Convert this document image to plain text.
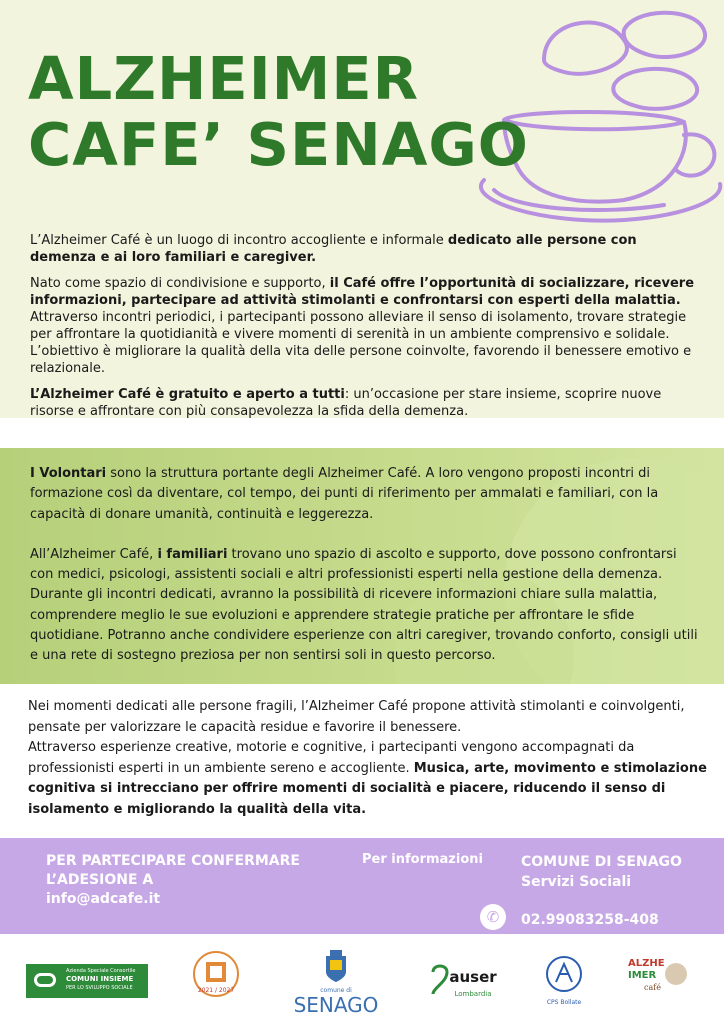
ALZHEIMER
CAFE’ SENAGO

L’Alzheimer Café è un luogo di incontro accogliente e informale dedicato alle persone con demenza e ai loro familiari e caregiver.

Nato come spazio di condivisione e supporto, il Café offre l’opportunità di socializzare, ricevere informazioni, partecipare ad attività stimolanti e confrontarsi con esperti della malattia. Attraverso incontri periodici, i partecipanti possono alleviare il senso di isolamento, trovare strategie per affrontare la quotidianità e vivere momenti di serenità in un ambiente comprensivo e solidale. L’obiettivo è migliorare la qualità della vita delle persone coinvolte, favorendo il benessere emotivo e relazionale.

L’Alzheimer Café è gratuito e aperto a tutti: un’occasione per stare insieme, scoprire nuove risorse e affrontare con più consapevolezza la sfida della demenza.

I Volontari sono la struttura portante degli Alzheimer Café. A loro vengono proposti incontri di formazione così da diventare, col tempo, dei punti di riferimento per ammalati e familiari, con la capacità di donare umanità, continuità e leggerezza.

All’Alzheimer Café, i familiari trovano uno spazio di ascolto e supporto, dove possono confrontarsi con medici, psicologi, assistenti sociali e altri professionisti esperti nella gestione della demenza. Durante gli incontri dedicati, avranno la possibilità di ricevere informazioni chiare sulla malattia, comprendere meglio le sue evoluzioni e apprendere strategie pratiche per affrontare le sfide quotidiane. Potranno anche condividere esperienze con altri caregiver, trovando conforto, consigli utili e una rete di sostegno preziosa per non sentirsi soli in questo percorso.

Nei momenti dedicati alle persone fragili, l’Alzheimer Café propone attività stimolanti e coinvolgenti, pensate per valorizzare le capacità residue e favorire il benessere.

Attraverso esperienze creative, motorie e cognitive, i partecipanti vengono accompagnati da professionisti esperti in un ambiente sereno e accogliente. Musica, arte, movimento e stimolazione cognitiva si intrecciano per offrire momenti di socialità e piacere, riducendo il senso di isolamento e migliorando la qualità della vita.

PER PARTECIPARE CONFERMARE
L’ADESIONE A
info@adcafe.it
Per informazioni	COMUNE DI SENAGO
Servizi Sociali
✆	02.99083258-408
Azienda Speciale Consortile
COMUNI INSIEME
PER LO SVILUPPO SOCIALE	2021 / 2027	comune di
SENAGO
auser
Lombardia
CPS Bollate
ALZHE
IMER
café
